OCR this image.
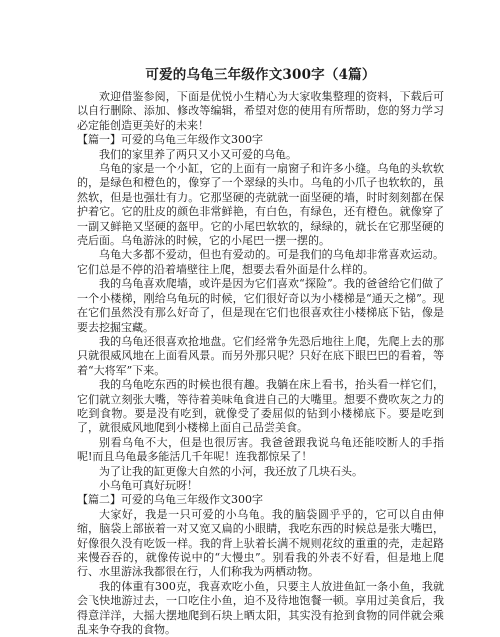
可爱的乌龟三年级作文300字（4篇）

欢迎借鉴参阅，下面是优悦小生精心为大家收集整理的资料，下载后可以自行删除、添加、修改等编辑，希望对您的使用有所帮助，您的努力学习必定能创造更美好的未来！

【篇一】可爱的乌龟三年级作文300字

我们的家里养了两只又小又可爱的乌龟。

乌龟的家是一个小缸，它的上面有一扇窗子和许多小缝。乌龟的头软软的，是绿色和橙色的，像穿了一个翠绿的头巾。乌龟的小爪子也软软的，虽然软，但是也强壮有力。它那坚硬的壳就就一面坚硬的墙，时时刻刻都在保护着它。它的肚皮的颜色非常鲜艳，有白色，有绿色，还有橙色。就像穿了一副又鲜艳又坚硬的盔甲。它的小尾巴软软的，绿绿的，就长在它那坚硬的壳后面。乌龟游泳的时候，它的小尾巴一摆一摆的。

乌龟大多都不爱动，但也有爱动的。可是我们的乌龟却非常喜欢运动。它们总是不停的沿着墙壁往上爬，想要去看外面是什么样的。

我的乌龟喜欢爬墙，或许是因为它们喜欢“探险”。我的爸爸给它们做了一个小楼梯，刚给乌龟玩的时候，它们很好奇以为小楼梯是“通天之梯”。现在它们虽然没有那么好奇了，但是现在它们也很喜欢往小楼梯底下钻，像是要去挖掘宝藏。

我的乌龟还很喜欢抢地盘。它们经常争先恐后地往上爬，先爬上去的那只就很威风地在上面看风景。而另外那只呢？只好在底下眼巴巴的看着，等着“大将军”下来。

我的乌龟吃东西的时候也很有趣。我躺在床上看书，抬头看一样它们，它们就立刻张大嘴，等待着美味龟食进自己的大嘴里。想要不费吹灰之力的吃到食物。要是没有吃到，就像受了委屈似的钻到小楼梯底下。要是吃到了，就很威风地爬到小楼梯上面自己品尝美食。

别看乌龟不大，但是也很厉害。我爸爸跟我说乌龟还能咬断人的手指呢!而且乌龟最多能活几千年呢！连我都惊呆了！

为了让我的缸更像大自然的小河，我还放了几块石头。

小乌龟可真好玩呀！

【篇二】可爱的乌龟三年级作文300字

大家好，我是一只可爱的小乌龟。我的脑袋圆乎乎的，它可以自由伸缩，脑袋上部嵌着一对又宽又扁的小眼睛，我吃东西的时候总是张大嘴巴，好像很久没有吃饭一样。我的背上驮着长满不规则花纹的重重的壳，走起路来慢吞吞的，就像传说中的“大慢虫”。别看我的外表不好看，但是地上爬行、水里游泳我都很在行，人们称我为两栖动物。

我的体重有300克，我喜欢吃小鱼，只要主人放进鱼缸一条小鱼，我就会飞快地游过去，一口吃住小鱼，迫不及待地饱餐一顿。享用过美食后，我得意洋洋，大摇大摆地爬到石块上晒太阳，其实没有抢到食物的同伴就会乘乱来争夺我的食物。
